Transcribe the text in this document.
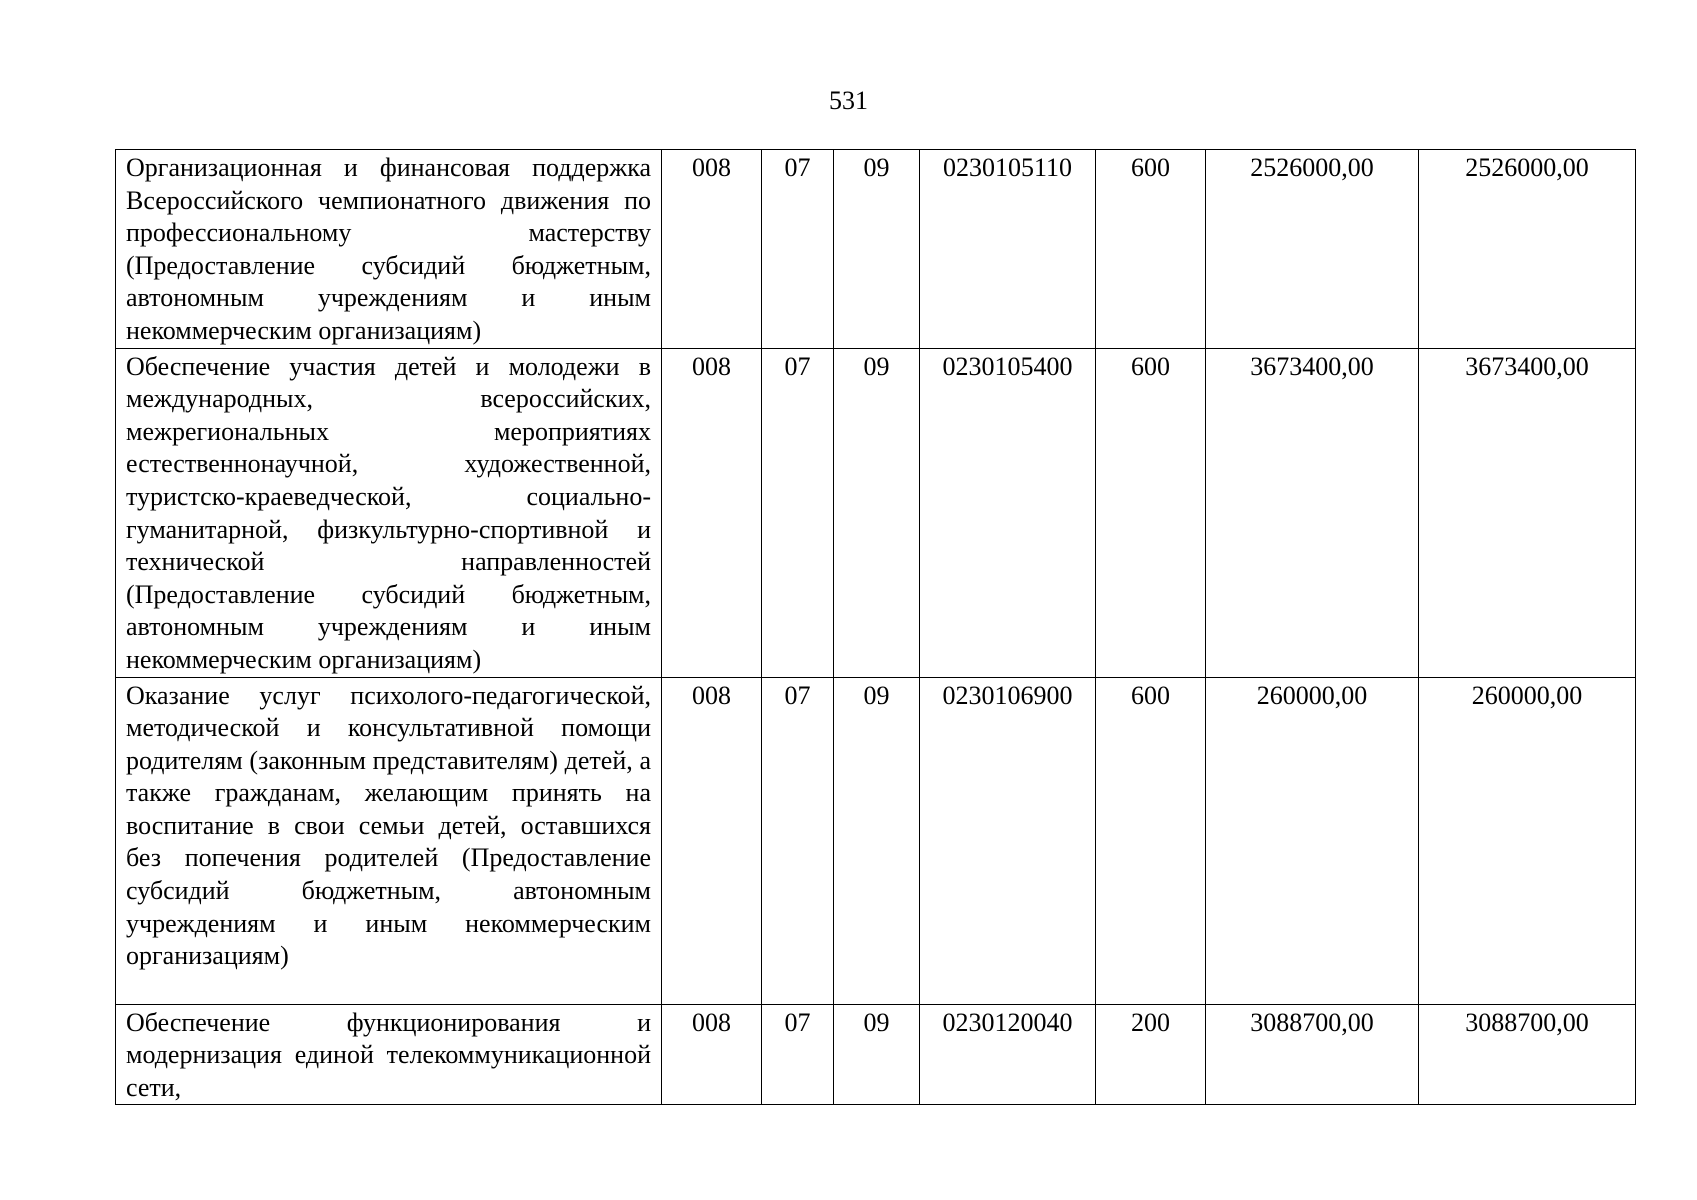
531
Организационная и финансовая поддержка Всероссийского чемпионатного движения по профессиональному мастерству (Предоставление субсидий бюджетным, автономным учреждениям и иным некоммерческим организациям)	008	07	09	0230105110	600	2526000,00	2526000,00
Обеспечение участия детей и молодежи в международных, всероссийских, межрегиональных мероприятиях естественнонаучной, художественной, туристско-краеведческой, социально-гуманитарной, физкультурно-спортивной и технической направленностей (Предоставление субсидий бюджетным, автономным учреждениям и иным некоммерческим организациям)	008	07	09	0230105400	600	3673400,00	3673400,00
Оказание услуг психолого-педагогической, методической и консультативной помощи родителям (законным представителям) детей, а также гражданам, желающим принять на воспитание в свои семьи детей, оставшихся без попечения родителей (Предоставление субсидий бюджетным, автономным учреждениям и иным некоммерческим организациям)	008	07	09	0230106900	600	260000,00	260000,00
Обеспечение функционирования и модернизация единой телекоммуникационной сети,	008	07	09	0230120040	200	3088700,00	3088700,00
